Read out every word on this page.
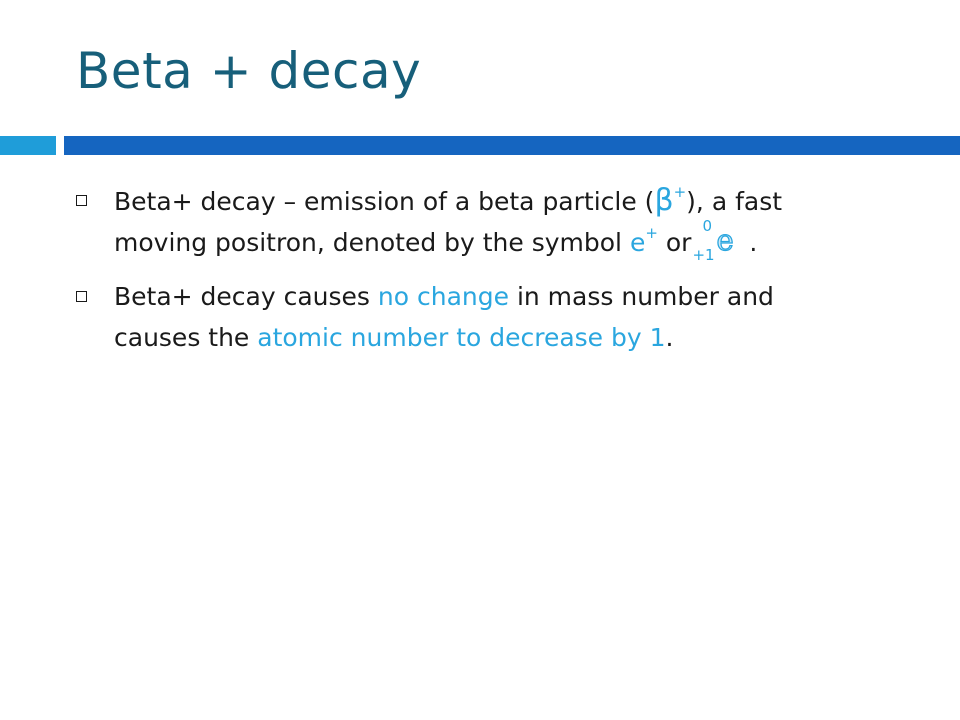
Beta + decay
Beta+ decay – emission of a beta particle (β+), a fast
moving positron, denoted by the symbol e+ or
0
+1 e .
Beta+ decay causes no change in mass number and
causes the atomic number to decrease by 1.
